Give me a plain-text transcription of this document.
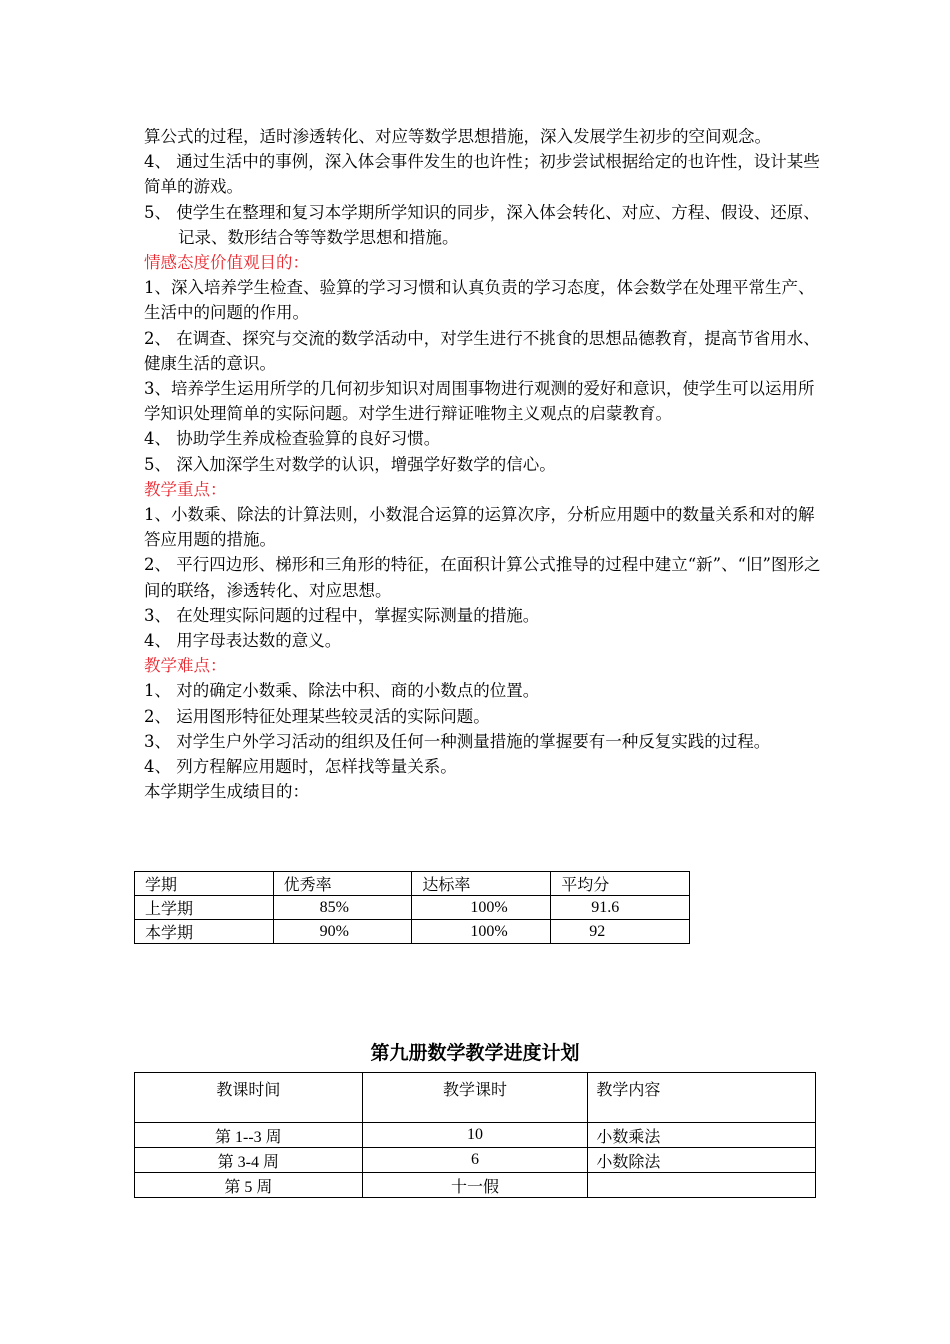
算公式的过程，适时渗透转化、对应等数学思想措施，深入发展学生初步的空间观念。

4、 通过生活中的事例，深入体会事件发生的也许性；初步尝试根据给定的也许性，设计某些简单的游戏。

5、 使学生在整理和复习本学期所学知识的同步，深入体会转化、对应、方程、假设、还原、记录、数形结合等等数学思想和措施。

情感态度价值观目的：

1、深入培养学生检查、验算的学习习惯和认真负责的学习态度，体会数学在处理平常生产、生活中的问题的作用。

2、 在调查、探究与交流的数学活动中，对学生进行不挑食的思想品德教育，提高节省用水、健康生活的意识。

3、培养学生运用所学的几何初步知识对周围事物进行观测的爱好和意识，使学生可以运用所学知识处理简单的实际问题。对学生进行辩证唯物主义观点的启蒙教育。

4、 协助学生养成检查验算的良好习惯。

5、 深入加深学生对数学的认识，增强学好数学的信心。

教学重点：

1、小数乘、除法的计算法则，小数混合运算的运算次序，分析应用题中的数量关系和对的解答应用题的措施。

2、 平行四边形、梯形和三角形的特征，在面积计算公式推导的过程中建立“新”、“旧”图形之间的联络，渗透转化、对应思想。

3、 在处理实际问题的过程中，掌握实际测量的措施。

4、 用字母表达数的意义。

教学难点：

1、 对的确定小数乘、除法中积、商的小数点的位置。

2、 运用图形特征处理某些较灵活的实际问题。

3、 对学生户外学习活动的组织及任何一种测量措施的掌握要有一种反复实践的过程。

4、 列方程解应用题时，怎样找等量关系。

本学期学生成绩目的：

学期	优秀率	达标率	平均分
上学期	85%	100%	91.6
本学期	90%	100%	92
第九册数学教学进度计划
教课时间	教学课时	教学内容
第 1--3 周	10	小数乘法
第 3-4 周	6	小数除法
第 5 周	十一假	
